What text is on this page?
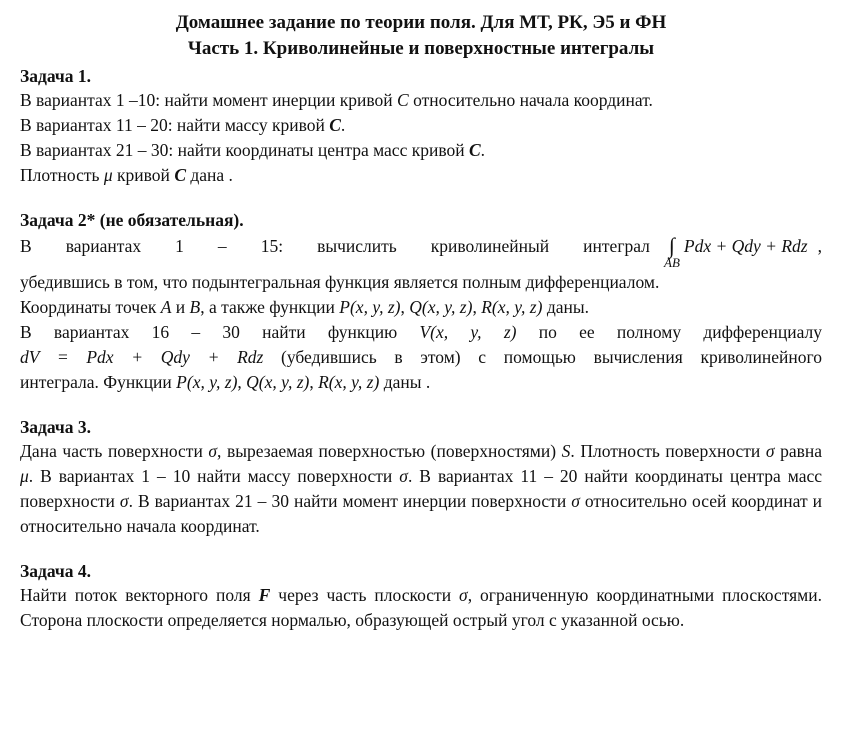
Домашнее задание по теории поля. Для МТ, РК, Э5 и ФН
Часть 1. Криволинейные и поверхностные интегралы
Задача 1.
В вариантах 1 –10: найти момент инерции кривой C относительно начала координат.
В вариантах 11 – 20: найти массу кривой C.
В вариантах 21 – 30: найти координаты центра масс кривой C.
Плотность μ кривой C дана .
Задача 2* (не обязательная).
В вариантах 1 – 15: вычислить криволинейный интеграл ∫
AB
Pdx + Qdy + Rdz ,
убедившись в том, что подынтегральная функция является полным дифференциалом.
Координаты точек A и B, а также функции P(x, y, z), Q(x, y, z), R(x, y, z) даны.
В вариантах 16 – 30 найти функцию V(x, y, z) по ее полному дифференциалу
dV = Pdx + Qdy + Rdz (убедившись в этом) с помощью вычисления криволинейного
интеграла. Функции P(x, y, z), Q(x, y, z), R(x, y, z) даны .
Задача 3.
Дана часть поверхности σ, вырезаемая поверхностью (поверхностями) S. Плотность поверхности σ равна μ. В вариантах 1 – 10 найти массу поверхности σ. В вариантах 11 – 20 найти координаты центра масс поверхности σ. В вариантах 21 – 30 найти момент инерции поверхности σ относительно осей координат и относительно начала координат.
Задача 4.
Найти поток векторного поля F через часть плоскости σ, ограниченную координатными плоскостями. Сторона плоскости определяется нормалью, образующей острый угол с указанной осью.
